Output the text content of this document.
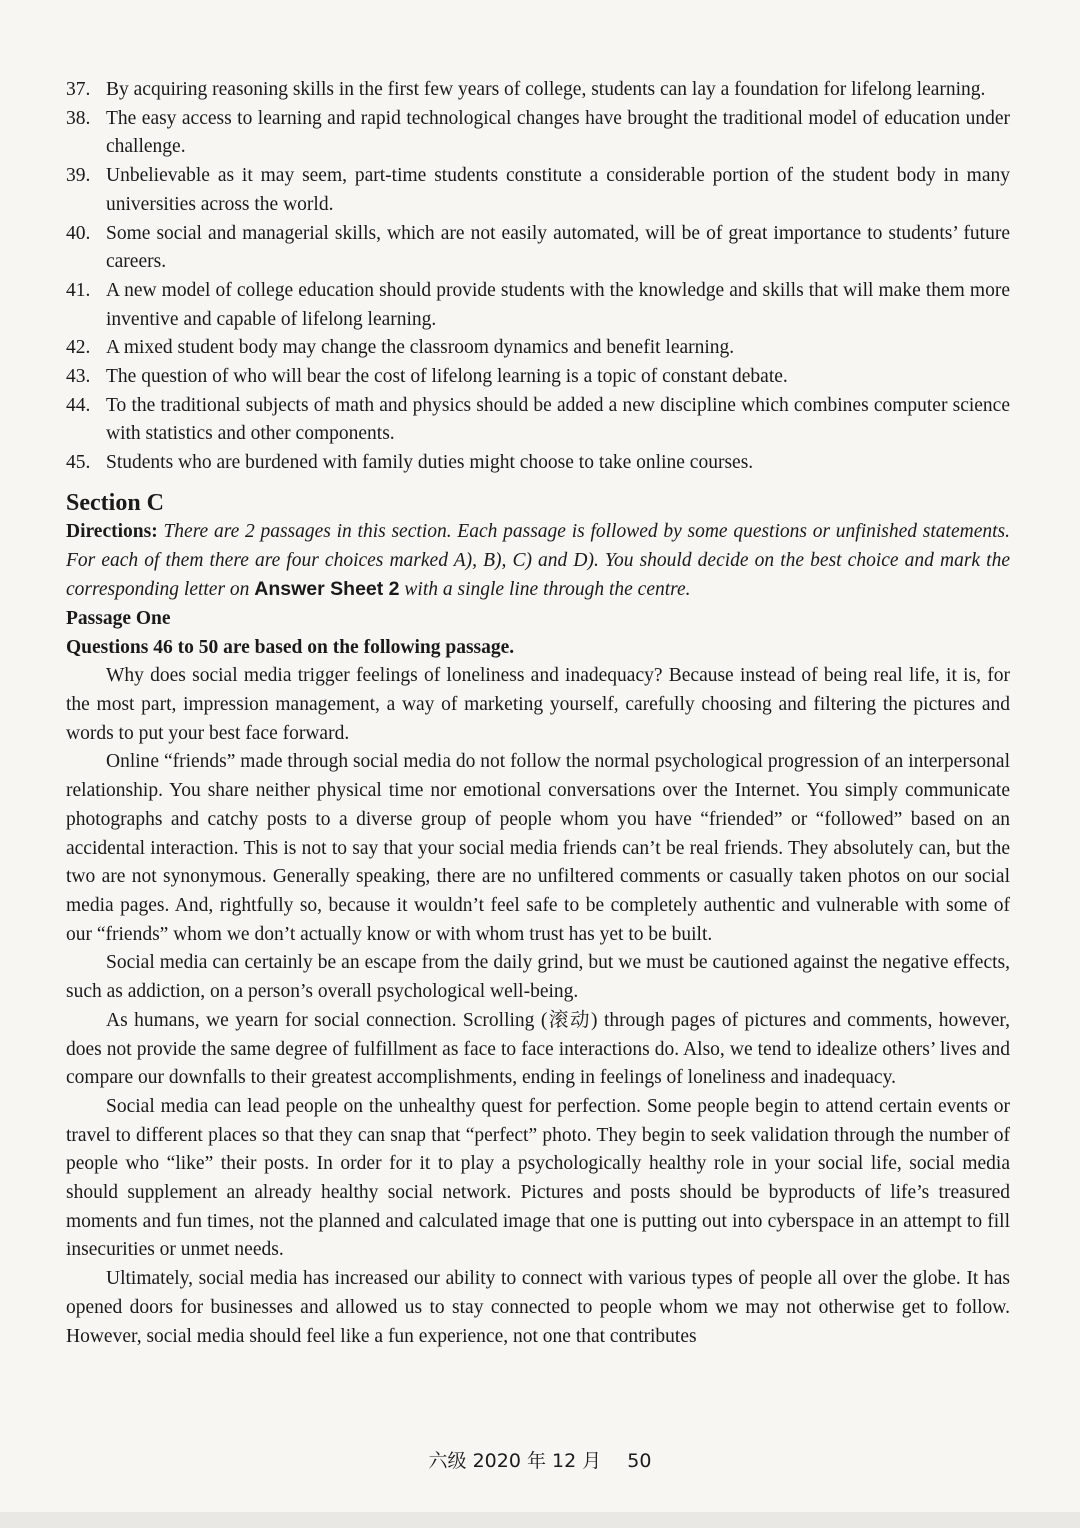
37. By acquiring reasoning skills in the first few years of college, students can lay a foundation for lifelong learning.
38. The easy access to learning and rapid technological changes have brought the traditional model of education under challenge.
39. Unbelievable as it may seem, part-time students constitute a considerable portion of the student body in many universities across the world.
40. Some social and managerial skills, which are not easily automated, will be of great importance to students’ future careers.
41. A new model of college education should provide students with the knowledge and skills that will make them more inventive and capable of lifelong learning.
42. A mixed student body may change the classroom dynamics and benefit learning.
43. The question of who will bear the cost of lifelong learning is a topic of constant debate.
44. To the traditional subjects of math and physics should be added a new discipline which combines computer science with statistics and other components.
45. Students who are burdened with family duties might choose to take online courses.
Section C
Directions: There are 2 passages in this section. Each passage is followed by some questions or unfinished statements. For each of them there are four choices marked A), B), C) and D). You should decide on the best choice and mark the corresponding letter on Answer Sheet 2 with a single line through the centre.
Passage One
Questions 46 to 50 are based on the following passage.

Why does social media trigger feelings of loneliness and inadequacy? Because instead of being real life, it is, for the most part, impression management, a way of marketing yourself, carefully choosing and filtering the pictures and words to put your best face forward.

Online “friends” made through social media do not follow the normal psychological progression of an interpersonal relationship. You share neither physical time nor emotional conversations over the Internet. You simply communicate photographs and catchy posts to a diverse group of people whom you have “friended” or “followed” based on an accidental interaction. This is not to say that your social media friends can’t be real friends. They absolutely can, but the two are not synonymous. Generally speaking, there are no unfiltered comments or casually taken photos on our social media pages. And, rightfully so, because it wouldn’t feel safe to be completely authentic and vulnerable with some of our “friends” whom we don’t actually know or with whom trust has yet to be built.

Social media can certainly be an escape from the daily grind, but we must be cautioned against the negative effects, such as addiction, on a person’s overall psychological well-being.

As humans, we yearn for social connection. Scrolling (滚动) through pages of pictures and comments, however, does not provide the same degree of fulfillment as face to face interactions do. Also, we tend to idealize others’ lives and compare our downfalls to their greatest accomplishments, ending in feelings of loneliness and inadequacy.

Social media can lead people on the unhealthy quest for perfection. Some people begin to attend certain events or travel to different places so that they can snap that “perfect” photo. They begin to seek validation through the number of people who “like” their posts. In order for it to play a psychologically healthy role in your social life, social media should supplement an already healthy social network. Pictures and posts should be byproducts of life’s treasured moments and fun times, not the planned and calculated image that one is putting out into cyberspace in an attempt to fill insecurities or unmet needs.

Ultimately, social media has increased our ability to connect with various types of people all over the globe. It has opened doors for businesses and allowed us to stay connected to people whom we may not otherwise get to follow. However, social media should feel like a fun experience, not one that contributes

六级 2020 年 12 月 50
